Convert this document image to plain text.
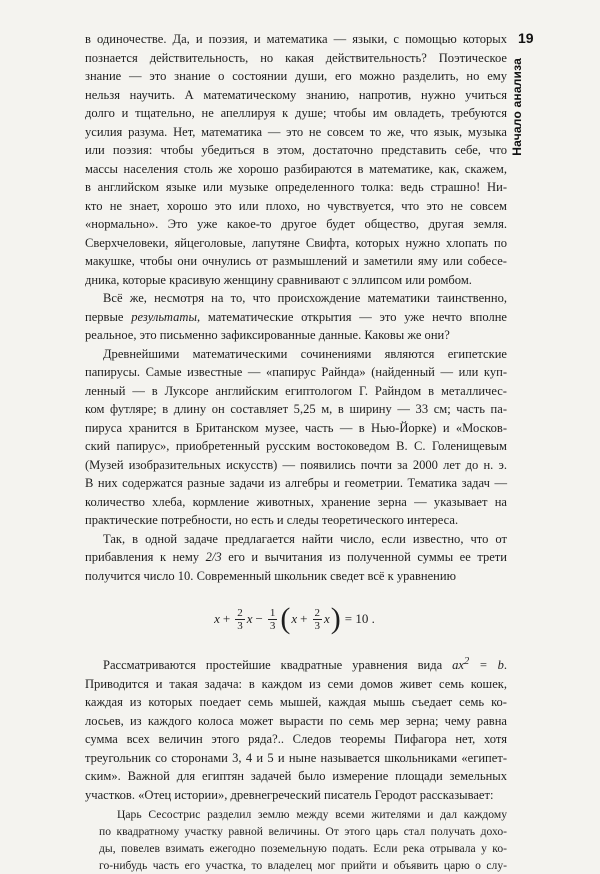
19
Начало анализа
в одиночестве. Да, и поэзия, и математика — языки, с помощью которых
познается действительность, но какая действительность? Поэтическое
знание — это знание о состоянии души, его можно разделить, но ему
нельзя научить. А математическому знанию, напротив, нужно учиться
долго и тщательно, не апеллируя к душе; чтобы им овладеть, требуются
усилия разума. Нет, математика — это не совсем то же, что язык, музыка
или поэзия: чтобы убедиться в этом, достаточно представить себе, что
массы населения столь же хорошо разбираются в математике, как, скажем,
в английском языке или музыке определенного толка: ведь страшно! Ни-
кто не знает, хорошо это или плохо, но чувствуется, что это не совсем
«нормально». Это уже какое-то другое будет общество, другая земля.
Сверхчеловеки, яйцеголовые, лапутяне Свифта, которых нужно хлопать по
макушке, чтобы они очнулись от размышлений и заметили яму или собесе-
дника, которые красивую женщину сравнивают с эллипсом или ромбом.
Всё же, несмотря на то, что происхождение математики таинственно,
первые результаты, математические открытия — это уже нечто вполне
реальное, это письменно зафиксированные данные. Каковы же они?
Древнейшими математическими сочинениями являются египетские
папирусы. Самые известные — «папирус Райнда» (найденный — или куп-
ленный — в Луксоре английским египтологом Г. Райндом в металличес-
ком футляре; в длину он составляет 5,25 м, в ширину — 33 см; часть па-
пируса хранится в Британском музее, часть — в Нью-Йорке) и «Москов-
ский папирус», приобретенный русским востоковедом В. С. Голенищевым
(Музей изобразительных искусств) — появились почти за 2000 лет до н. э.
В них содержатся разные задачи из алгебры и геометрии. Тематика задач —
количество хлеба, кормление животных, хранение зерна — указывает на
практические потребности, но есть и следы теоретического интереса.
Так, в одной задаче предлагается найти число, если известно, что от
прибавления к нему 2/3 его и вычитания из полученной суммы ее трети
получится число 10. Современный школьник сведет всё к уравнению
$x + \frac{2}{3}$ $x - \frac{1}{3}$ ( $x + \frac{2}{3}$ x ) = 10 .
Рассматриваются простейшие квадратные уравнения вида $ax^2 = b$.
Приводится и такая задача: в каждом из семи домов живет семь кошек,
каждая из которых поедает семь мышей, каждая мышь съедает семь ко-
лосьев, из каждого колоса может вырасти по семь мер зерна; чему равна
сумма всех величин этого ряда?.. Следов теоремы Пифагора нет, хотя
треугольник со сторонами 3, 4 и 5 и ныне называется школьниками «египет-
ским». Важной для египтян задачей было измерение площади земельных
участков. «Отец истории», древнегреческий писатель Геродот рассказывает:
Царь Сесострис разделил землю между всеми жителями и дал каждому
по квадратному участку равной величины. От этого царь стал получать дохо-
ды, повелев взимать ежегодно поземельную подать. Если река отрывала у ко-
го-нибудь часть его участка, то владелец мог прийти и объявить царю о слу-
